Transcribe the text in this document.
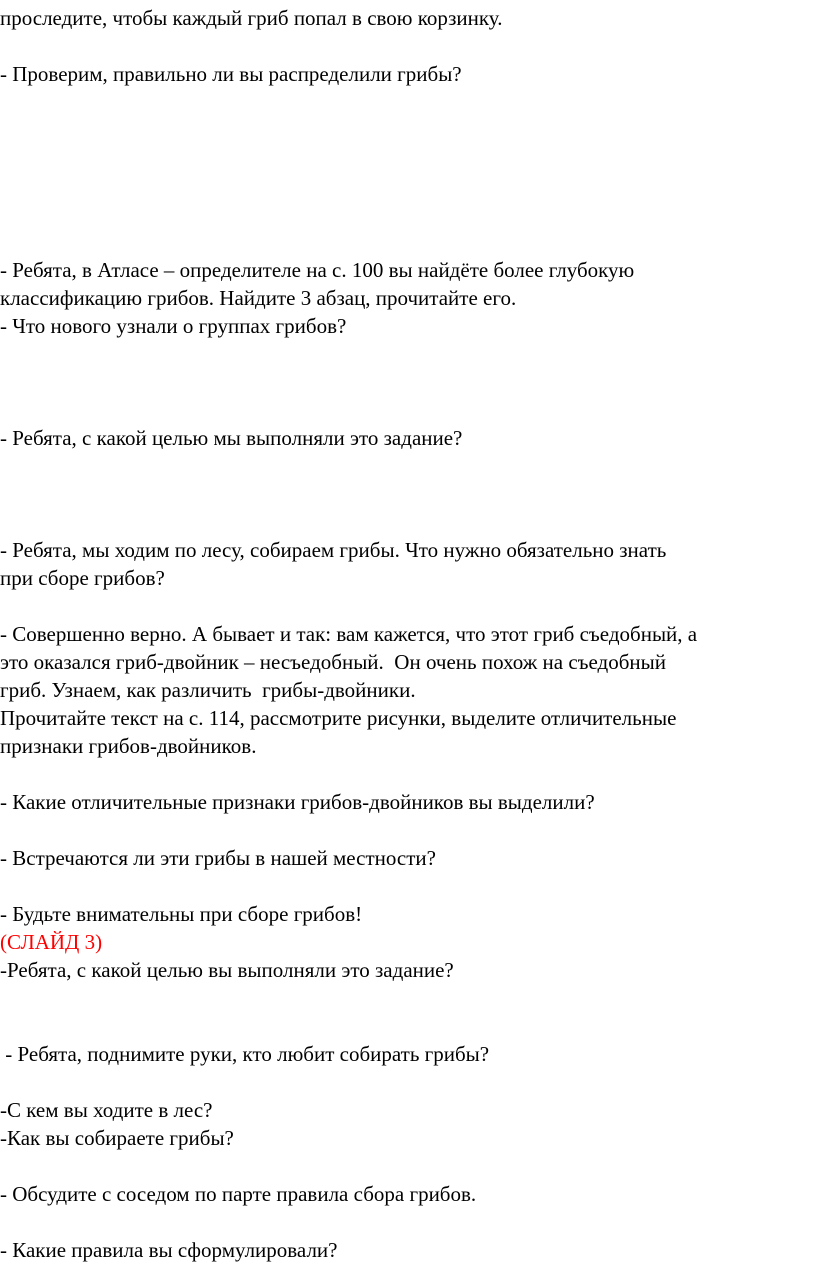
проследите, чтобы каждый гриб попал в свою корзинку.

- Проверим, правильно ли вы распределили грибы?

- Ребята, в Атласе – определителе на с. 100 вы найдёте более глубокую

классификацию грибов. Найдите 3 абзац, прочитайте его.

- Что нового узнали о группах грибов?

- Ребята, с какой целью мы выполняли это задание?

- Ребята, мы ходим по лесу, собираем грибы. Что нужно обязательно знать

при сборе грибов?

- Совершенно верно. А бывает и так: вам кажется, что этот гриб съедобный, а

это оказался гриб-двойник – несъедобный.  Он очень похож на съедобный

гриб. Узнаем, как различить  грибы-двойники.

Прочитайте текст на с. 114, рассмотрите рисунки, выделите отличительные

признаки грибов-двойников.

- Какие отличительные признаки грибов-двойников вы выделили?

- Встречаются ли эти грибы в нашей местности?

- Будьте внимательны при сборе грибов!

(СЛАЙД 3)

-Ребята, с какой целью вы выполняли это задание?

- Ребята, поднимите руки, кто любит собирать грибы?

-С кем вы ходите в лес?

-Как вы собираете грибы?

- Обсудите с соседом по парте правила сбора грибов.

- Какие правила вы сформулировали?
